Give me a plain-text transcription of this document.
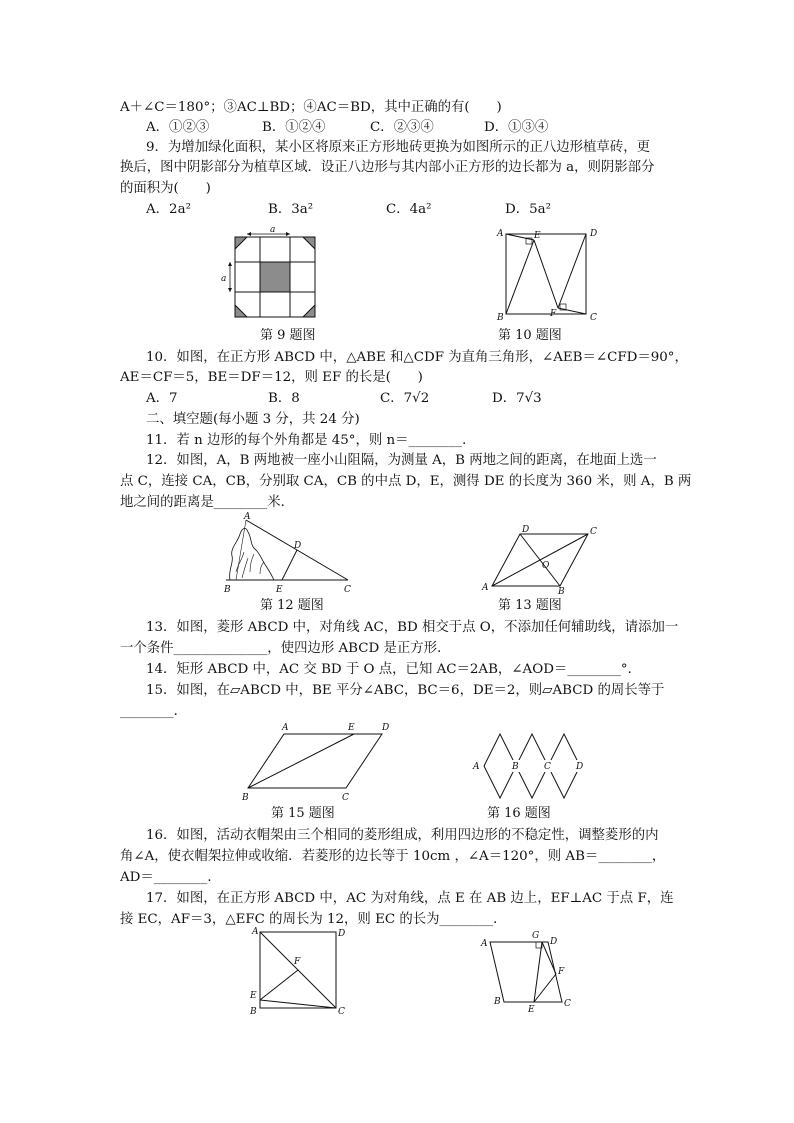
A＋∠C＝180°；③AC⊥BD；④AC＝BD，其中正确的有(　　)
A．①②③	B．①②④	C．②③④	D．①③④
9．为增加绿化面积，某小区将原来正方形地砖更换为如图所示的正八边形植草砖，更
换后，图中阴影部分为植草区域．设正八边形与其内部小正方形的边长都为 a，则阴影部分
的面积为(　　)
A．2a²	B．3a²	C．4a²	D．5a²
a
a
第 9 题图
A	E	D
B	F	C
第 10 题图
10．如图，在正方形 ABCD 中，△ABE 和△CDF 为直角三角形，∠AEB＝∠CFD＝90°，
AE＝CF＝5，BE＝DF＝12，则 EF 的长是(　　)
A．7	B．8	C．7√2	D．7√3
二、填空题(每小题 3 分，共 24 分)
11．若 n 边形的每个外角都是 45°，则 n＝________．
12．如图，A，B 两地被一座小山阻隔，为测量 A，B 两地之间的距离，在地面上选一
点 C，连接 CA，CB，分别取 CA，CB 的中点 D，E，测得 DE 的长度为 360 米，则 A，B 两
地之间的距离是________米．
A
D
B	E	C
第 12 题图
D	C
O
A	B
第 13 题图
13．如图，菱形 ABCD 中，对角线 AC，BD 相交于点 O，不添加任何辅助线，请添加一
一个条件______________，使四边形 ABCD 是正方形．
14．矩形 ABCD 中，AC 交 BD 于 O 点，已知 AC＝2AB，∠AOD＝________°．
15．如图，在▱ABCD 中，BE 平分∠ABC，BC＝6，DE＝2，则▱ABCD 的周长等于
________．
A	E	D
B	C
第 15 题图
A	B	C	D
第 16 题图
16．如图，活动衣帽架由三个相同的菱形组成，利用四边形的不稳定性，调整菱形的内
角∠A，使衣帽架拉伸或收缩．若菱形的边长等于 10cm ，∠A＝120°，则 AB＝________，
AD＝________．
17．如图，在正方形 ABCD 中，AC 为对角线，点 E 在 AB 边上，EF⊥AC 于点 F，连
接 EC，AF＝3，△EFC 的周长为 12，则 EC 的长为________．
A	D
F
E
B	C
A
G
D
F
B
E
C
